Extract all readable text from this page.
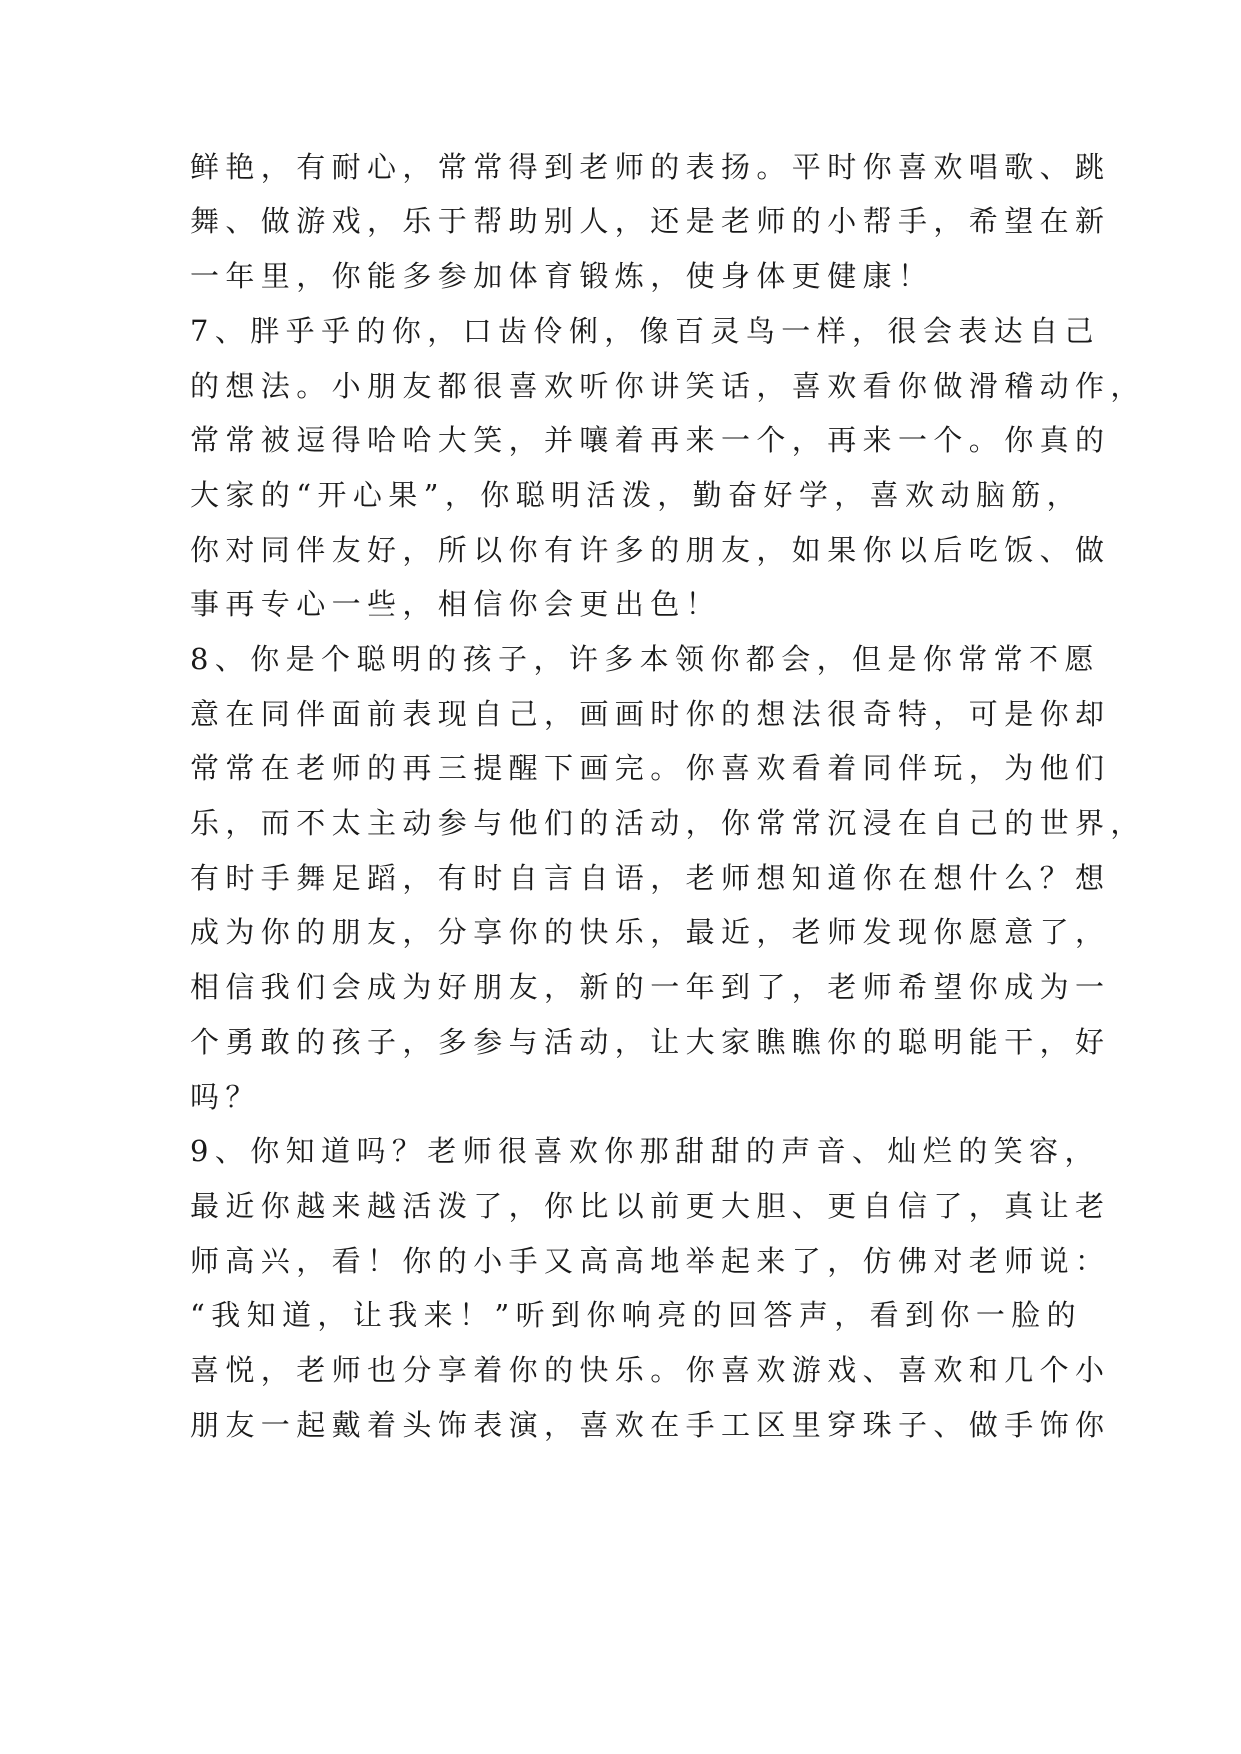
鲜艳，有耐心，常常得到老师的表扬。平时你喜欢唱歌、跳
舞、做游戏，乐于帮助别人，还是老师的小帮手，希望在新
一年里，你能多参加体育锻炼，使身体更健康！
7、胖乎乎的你，口齿伶俐，像百灵鸟一样，很会表达自己
的想法。小朋友都很喜欢听你讲笑话，喜欢看你做滑稽动作，
常常被逗得哈哈大笑，并嚷着再来一个，再来一个。你真的
大家的“开心果”，你聪明活泼，勤奋好学，喜欢动脑筋，
你对同伴友好，所以你有许多的朋友，如果你以后吃饭、做
事再专心一些，相信你会更出色！
8、你是个聪明的孩子，许多本领你都会，但是你常常不愿
意在同伴面前表现自己，画画时你的想法很奇特，可是你却
常常在老师的再三提醒下画完。你喜欢看着同伴玩，为他们
乐，而不太主动参与他们的活动，你常常沉浸在自己的世界，
有时手舞足蹈，有时自言自语，老师想知道你在想什么？想
成为你的朋友，分享你的快乐，最近，老师发现你愿意了，
相信我们会成为好朋友，新的一年到了，老师希望你成为一
个勇敢的孩子，多参与活动，让大家瞧瞧你的聪明能干，好
吗？
9、你知道吗？老师很喜欢你那甜甜的声音、灿烂的笑容，
最近你越来越活泼了，你比以前更大胆、更自信了，真让老
师高兴，看！你的小手又高高地举起来了，仿佛对老师说：
“我知道，让我来！”听到你响亮的回答声，看到你一脸的
喜悦，老师也分享着你的快乐。你喜欢游戏、喜欢和几个小
朋友一起戴着头饰表演，喜欢在手工区里穿珠子、做手饰你
